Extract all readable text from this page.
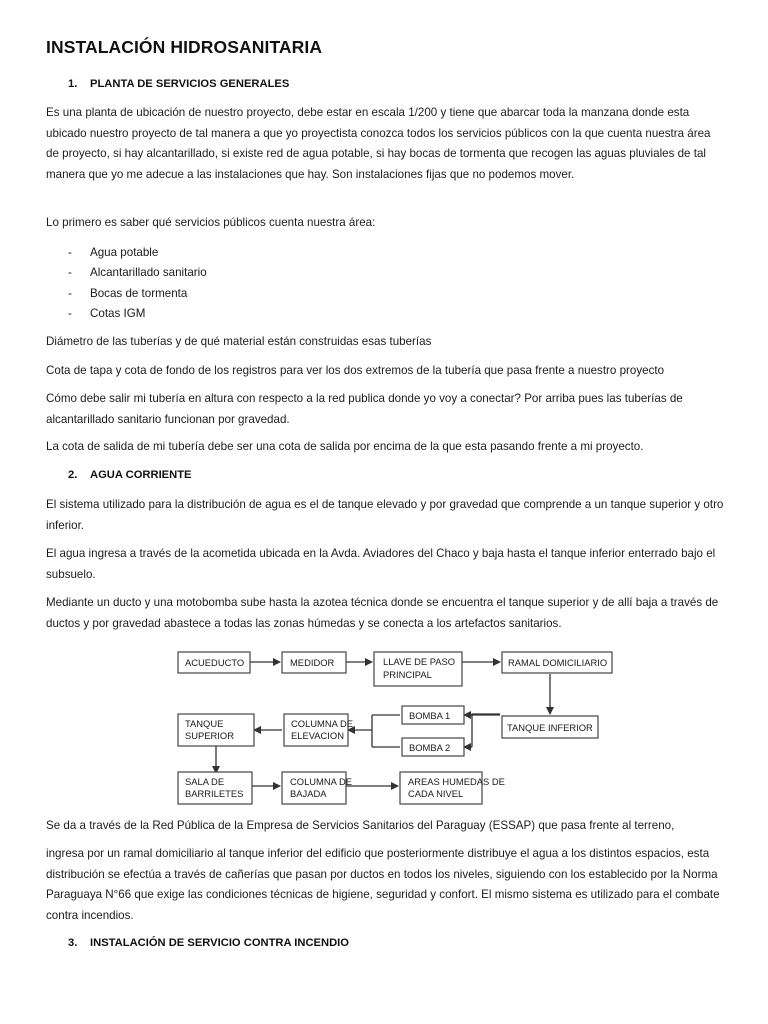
INSTALACIÓN HIDROSANITARIA
1. PLANTA DE SERVICIOS GENERALES

Es una planta de ubicación de nuestro proyecto, debe estar en escala 1/200 y tiene que abarcar toda la manzana donde esta ubicado nuestro proyecto de tal manera a que yo proyectista conozca todos los servicios públicos con la que cuenta nuestra área de proyecto, si hay alcantarillado, si existe red de agua potable, si hay bocas de tormenta que recogen las aguas pluviales de tal manera que yo me adecue a las instalaciones que hay. Son instalaciones fijas que no podemos mover.

Lo primero es saber qué servicios públicos cuenta nuestra área:

- Agua potable
- Alcantarillado sanitario
- Bocas de tormenta
- Cotas IGM

Diámetro de las tuberías y de qué material están construidas esas tuberías

Cota de tapa y cota de fondo de los registros para ver los dos extremos de la tubería que pasa frente a nuestro proyecto

Cómo debe salir mi tubería en altura con respecto a la red publica donde yo voy a conectar? Por arriba pues las tuberías de alcantarillado sanitario funcionan por gravedad.

La cota de salida de mi tubería debe ser una cota de salida por encima de la que esta pasando frente a mi proyecto.

2. AGUA CORRIENTE

El sistema utilizado para la distribución de agua es el de tanque elevado y por gravedad que comprende a un tanque superior y otro inferior.

El agua ingresa a través de la acometida ubicada en la Avda. Aviadores del Chaco y baja hasta el tanque inferior enterrado bajo el subsuelo.

Mediante un ducto y una motobomba sube hasta la azotea técnica donde se encuentra el tanque superior y de allí baja a través de ductos y por gravedad abastece a todas las zonas húmedas y se conecta a los artefactos sanitarios.

ACUEDUCTO	MEDIDOR	LLAVE DE PASO
PRINCIPAL
RAMAL DOMICILIARIO
TANQUE INFERIOR
BOMBA 1
BOMBA 2
COLUMNA DE
ELEVACION
TANQUE
SUPERIOR
SALA DE
BARRILETES
COLUMNA DE
BAJADA
AREAS HUMEDAS DE
CADA NIVEL

Se da a través de la Red Pública de la Empresa de Servicios Sanitarios del Paraguay (ESSAP) que pasa frente al terreno,

ingresa por un ramal domiciliario al tanque inferior del edificio que posteriormente distribuye el agua a los distintos espacios, esta distribución se efectúa a través de cañerías que pasan por ductos en todos los niveles, siguiendo con los establecido por la Norma Paraguaya N°66 que exige las condiciones técnicas de higiene, seguridad y confort. El mismo sistema es utilizado para el combate contra incendios.

3. INSTALACIÓN DE SERVICIO CONTRA INCENDIO
